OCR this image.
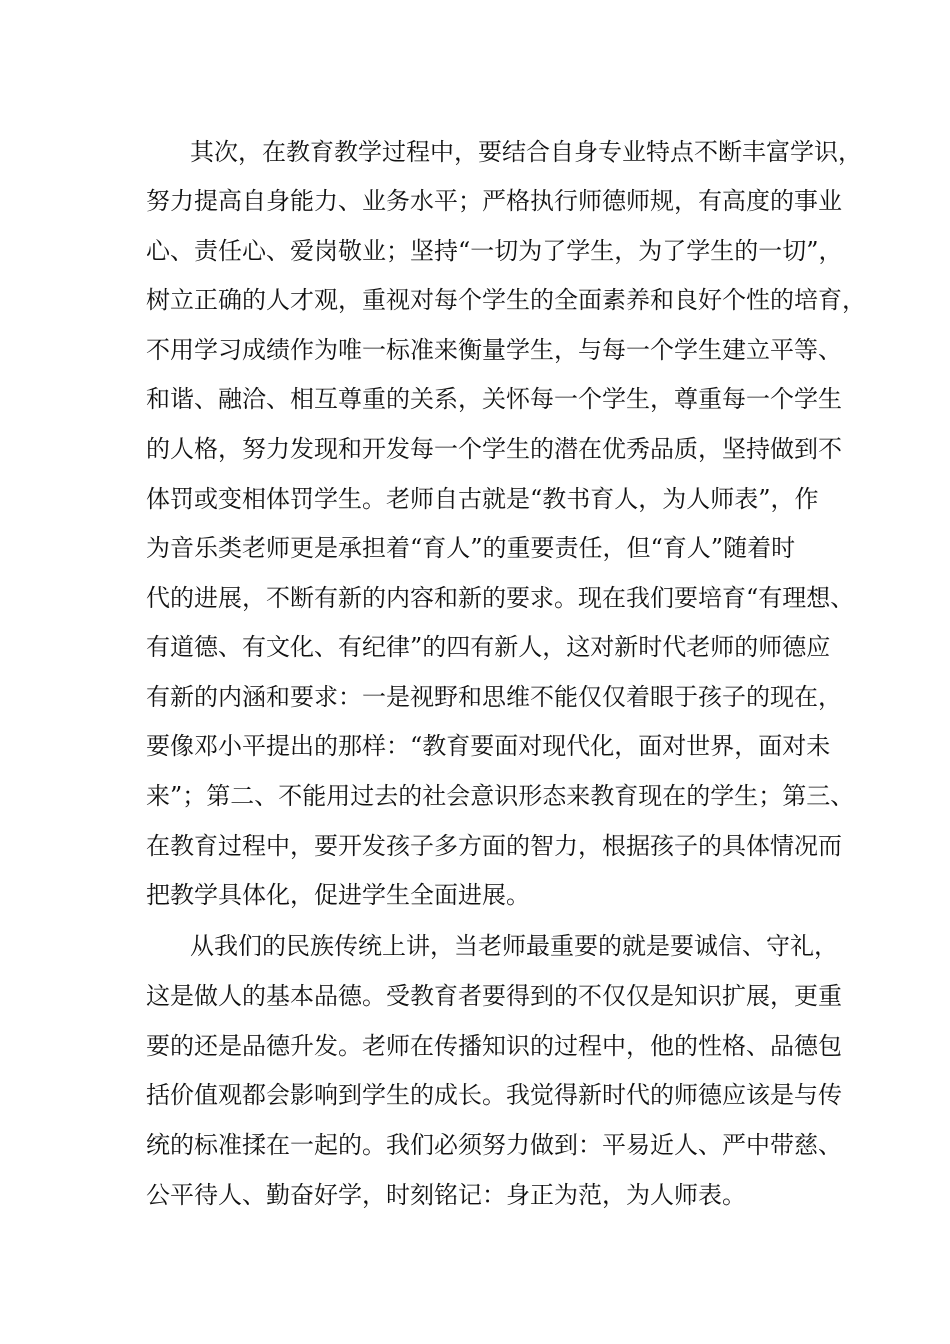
其次，在教育教学过程中，要结合自身专业特点不断丰富学识，

努力提高自身能力、业务水平；严格执行师德师规，有高度的事业

心、责任心、爱岗敬业；坚持“一切为了学生，为了学生的一切”，

树立正确的人才观，重视对每个学生的全面素养和良好个性的培育，

不用学习成绩作为唯一标准来衡量学生，与每一个学生建立平等、

和谐、融洽、相互尊重的关系，关怀每一个学生，尊重每一个学生

的人格，努力发现和开发每一个学生的潜在优秀品质，坚持做到不

体罚或变相体罚学生。老师自古就是“教书育人，为人师表”，作

为音乐类老师更是承担着“育人”的重要责任，但“育人”随着时

代的进展，不断有新的内容和新的要求。现在我们要培育“有理想、

有道德、有文化、有纪律”的四有新人，这对新时代老师的师德应

有新的内涵和要求：一是视野和思维不能仅仅着眼于孩子的现在，

要像邓小平提出的那样：“教育要面对现代化，面对世界，面对未

来”；第二、不能用过去的社会意识形态来教育现在的学生；第三、

在教育过程中，要开发孩子多方面的智力，根据孩子的具体情况而

把教学具体化，促进学生全面进展。

从我们的民族传统上讲，当老师最重要的就是要诚信、守礼，

这是做人的基本品德。受教育者要得到的不仅仅是知识扩展，更重

要的还是品德升发。老师在传播知识的过程中，他的性格、品德包

括价值观都会影响到学生的成长。我觉得新时代的师德应该是与传

统的标准揉在一起的。我们必须努力做到：平易近人、严中带慈、

公平待人、勤奋好学，时刻铭记：身正为范，为人师表。
